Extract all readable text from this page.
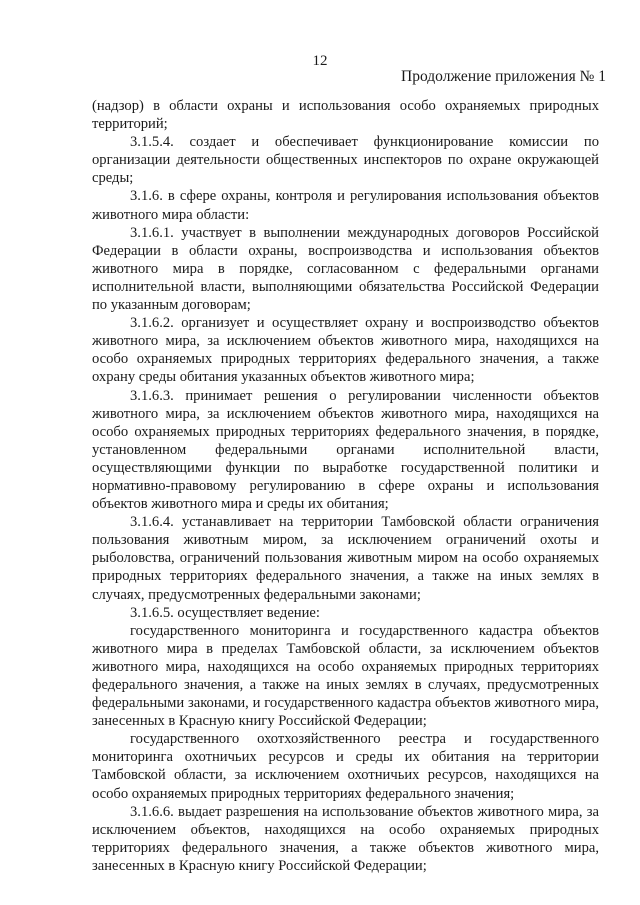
12
Продолжение приложения № 1

(надзор) в области охраны и использования особо охраняемых природных территорий;

3.1.5.4. создает и обеспечивает функционирование комиссии по организации деятельности общественных инспекторов по охране окружающей среды;

3.1.6. в сфере охраны, контроля и регулирования использования объектов животного мира области:

3.1.6.1. участвует в выполнении международных договоров Российской Федерации в области охраны, воспроизводства и использования объектов животного мира в порядке, согласованном с федеральными органами исполнительной власти, выполняющими обязательства Российской Федерации по указанным договорам;

3.1.6.2. организует и осуществляет охрану и воспроизводство объектов животного мира, за исключением объектов животного мира, находящихся на особо охраняемых природных территориях федерального значения, а также охрану среды обитания указанных объектов животного мира;

3.1.6.3. принимает решения о регулировании численности объектов животного мира, за исключением объектов животного мира, находящихся на особо охраняемых природных территориях федерального значения, в порядке, установленном федеральными органами исполнительной власти, осуществляющими функции по выработке государственной политики и нормативно-правовому регулированию в сфере охраны и использования объектов животного мира и среды их обитания;

3.1.6.4. устанавливает на территории Тамбовской области ограничения пользования животным миром, за исключением ограничений охоты и рыболовства, ограничений пользования животным миром на особо охраняемых природных территориях федерального значения, а также на иных землях в случаях, предусмотренных федеральными законами;

3.1.6.5. осуществляет ведение:

государственного мониторинга и государственного кадастра объектов животного мира в пределах Тамбовской области, за исключением объектов животного мира, находящихся на особо охраняемых природных территориях федерального значения, а также на иных землях в случаях, предусмотренных федеральными законами, и государственного кадастра объектов животного мира, занесенных в Красную книгу Российской Федерации;

государственного охотхозяйственного реестра и государственного мониторинга охотничьих ресурсов и среды их обитания на территории Тамбовской области, за исключением охотничьих ресурсов, находящихся на особо охраняемых природных территориях федерального значения;

3.1.6.6. выдает разрешения на использование объектов животного мира, за исключением объектов, находящихся на особо охраняемых природных территориях федерального значения, а также объектов животного мира, занесенных в Красную книгу Российской Федерации;
